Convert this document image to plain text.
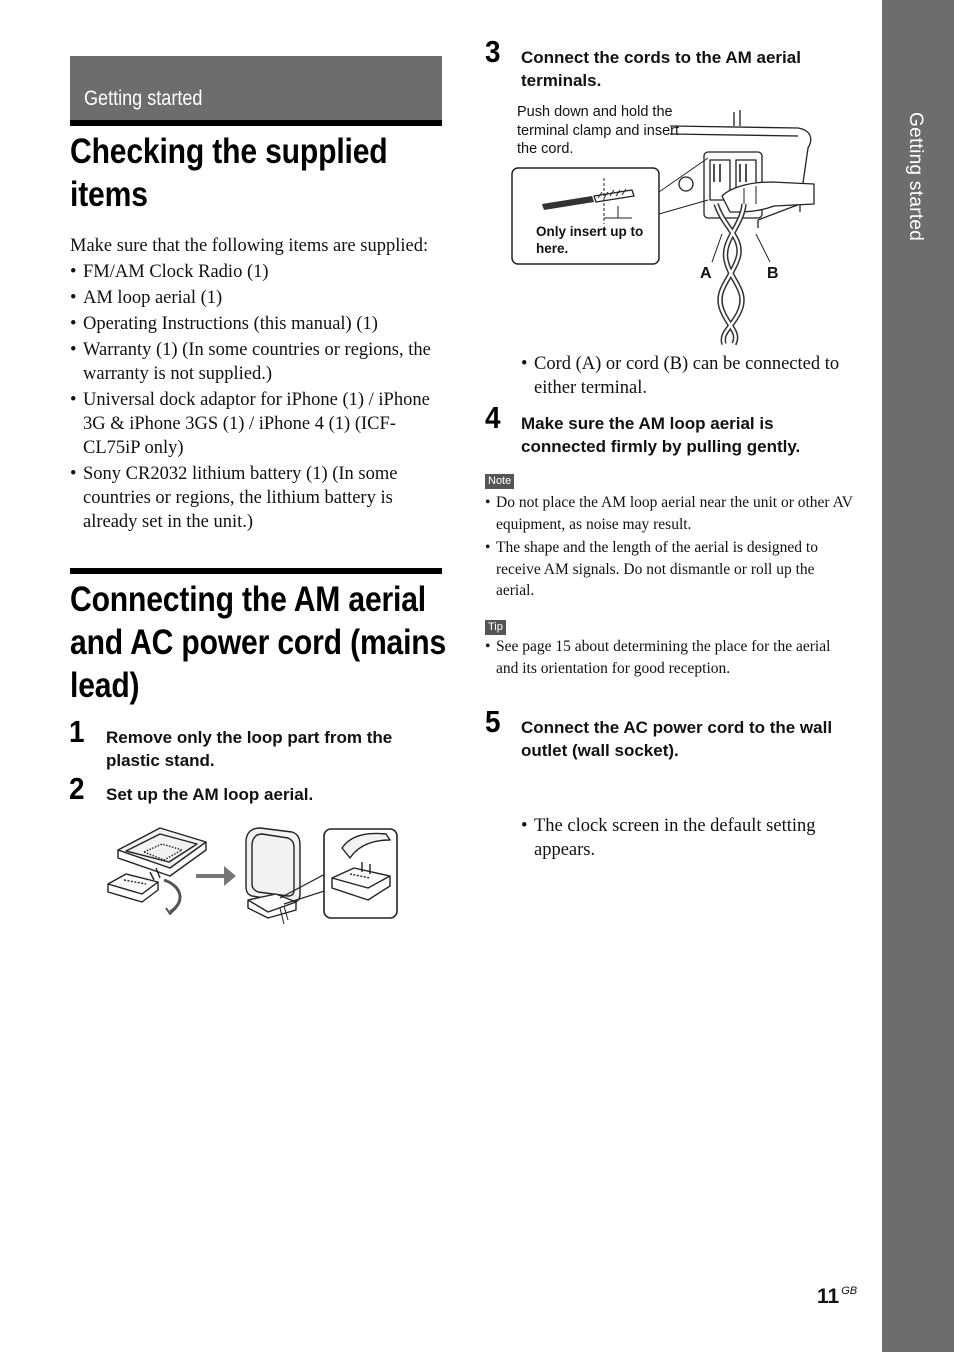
Getting started
Getting started
Checking the supplied items
Make sure that the following items are supplied:
• FM/AM Clock Radio (1)
• AM loop aerial (1)
• Operating Instructions (this manual) (1)
• Warranty (1) (In some countries or regions, the warranty is not supplied.)
• Universal dock adaptor for iPhone (1) / iPhone 3G & iPhone 3GS (1) / iPhone 4 (1) (ICF-CL75iP only)
• Sony CR2032 lithium battery (1) (In some countries or regions, the lithium battery is already set in the unit.)
Connecting the AM aerial and AC power cord (mains lead)
1 Remove only the loop part from the plastic stand.
2 Set up the AM loop aerial.
3 Connect the cords to the AM aerial terminals.
Push down and hold the terminal clamp and insert the cord.
Only insert up to here.
A	B
• Cord (A) or cord (B) can be connected to either terminal.
4 Make sure the AM loop aerial is connected firmly by pulling gently.
Note
• Do not place the AM loop aerial near the unit or other AV equipment, as noise may result.
• The shape and the length of the aerial is designed to receive AM signals. Do not dismantle or roll up the aerial.
Tip
• See page 15 about determining the place for the aerial and its orientation for good reception.
5 Connect the AC power cord to the wall outlet (wall socket).
• The clock screen in the default setting appears.
11 $^{GB}$
